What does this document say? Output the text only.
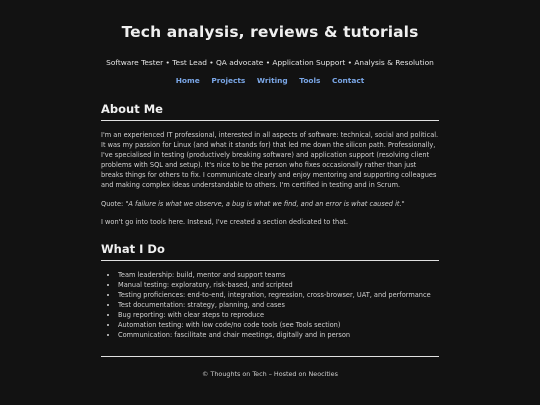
Tech analysis, reviews & tutorials

Software Tester • Test Lead • QA advocate • Application Support • Analysis & Resolution

Home Projects Writing Tools Contact
About Me

I'm an experienced IT professional, interested in all aspects of software: technical, social and political. It was my passion for Linux (and what it stands for) that led me down the silicon path. Professionally, I've specialised in testing (productively breaking software) and application support (resolving client problems with SQL and setup). It's nice to be the person who fixes occasionally rather than just breaks things for others to fix. I communicate clearly and enjoy mentoring and supporting colleagues and making complex ideas understandable to others. I'm certified in testing and in Scrum.

Quote: "A failure is what we observe, a bug is what we find, and an error is what caused it."

I won't go into tools here. Instead, I've created a section dedicated to that.

What I Do
• Team leadership: build, mentor and support teams
• Manual testing: exploratory, risk-based, and scripted
• Testing proficiences: end-to-end, integration, regression, cross-browser, UAT, and performance
• Test documentation: strategy, planning, and cases
• Bug reporting: with clear steps to reproduce
• Automation testing: with low code/no code tools (see Tools section)
• Communication: fascilitate and chair meetings, digitally and in person
© Thoughts on Tech – Hosted on Neocities
